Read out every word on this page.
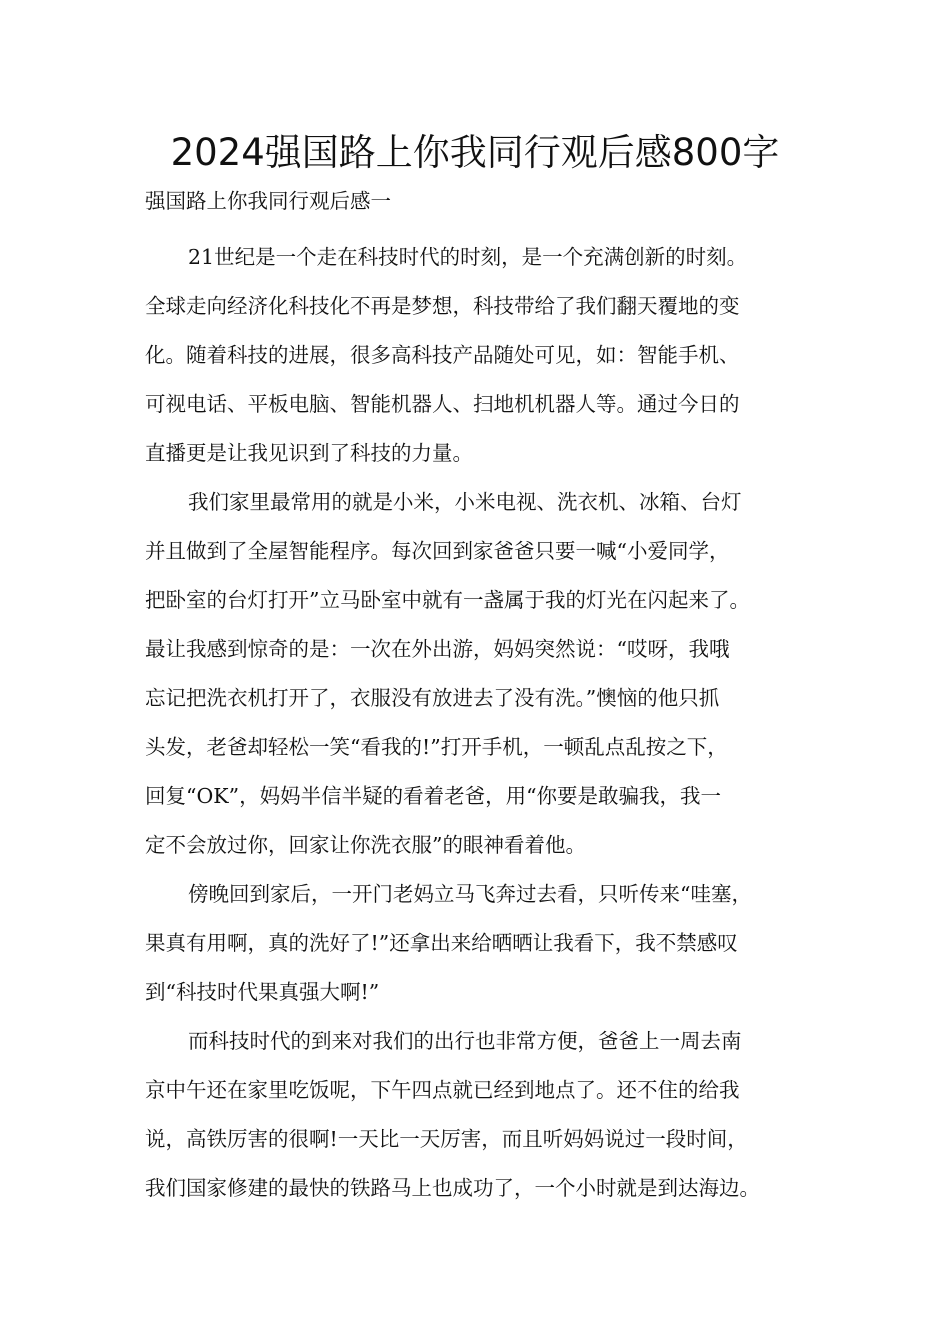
2024强国路上你我同行观后感800字

强国路上你我同行观后感一

21世纪是一个走在科技时代的时刻，是一个充满创新的时刻。
全球走向经济化科技化不再是梦想，科技带给了我们翻天覆地的变
化。随着科技的进展，很多高科技产品随处可见，如：智能手机、
可视电话、平板电脑、智能机器人、扫地机机器人等。通过今日的
直播更是让我见识到了科技的力量。

我们家里最常用的就是小米，小米电视、洗衣机、冰箱、台灯
并且做到了全屋智能程序。每次回到家爸爸只要一喊“小爱同学，
把卧室的台灯打开”立马卧室中就有一盏属于我的灯光在闪起来了。
最让我感到惊奇的是：一次在外出游，妈妈突然说：“哎呀，我哦
忘记把洗衣机打开了，衣服没有放进去了没有洗。”懊恼的他只抓
头发，老爸却轻松一笑“看我的!”打开手机，一顿乱点乱按之下，
回复“OK”，妈妈半信半疑的看着老爸，用“你要是敢骗我，我一
定不会放过你，回家让你洗衣服”的眼神看着他。

傍晚回到家后，一开门老妈立马飞奔过去看，只听传来“哇塞，
果真有用啊，真的洗好了!”还拿出来给晒晒让我看下，我不禁感叹
到“科技时代果真强大啊!”

而科技时代的到来对我们的出行也非常方便，爸爸上一周去南
京中午还在家里吃饭呢，下午四点就已经到地点了。还不住的给我
说，高铁厉害的很啊!一天比一天厉害，而且听妈妈说过一段时间，
我们国家修建的最快的铁路马上也成功了，一个小时就是到达海边。
